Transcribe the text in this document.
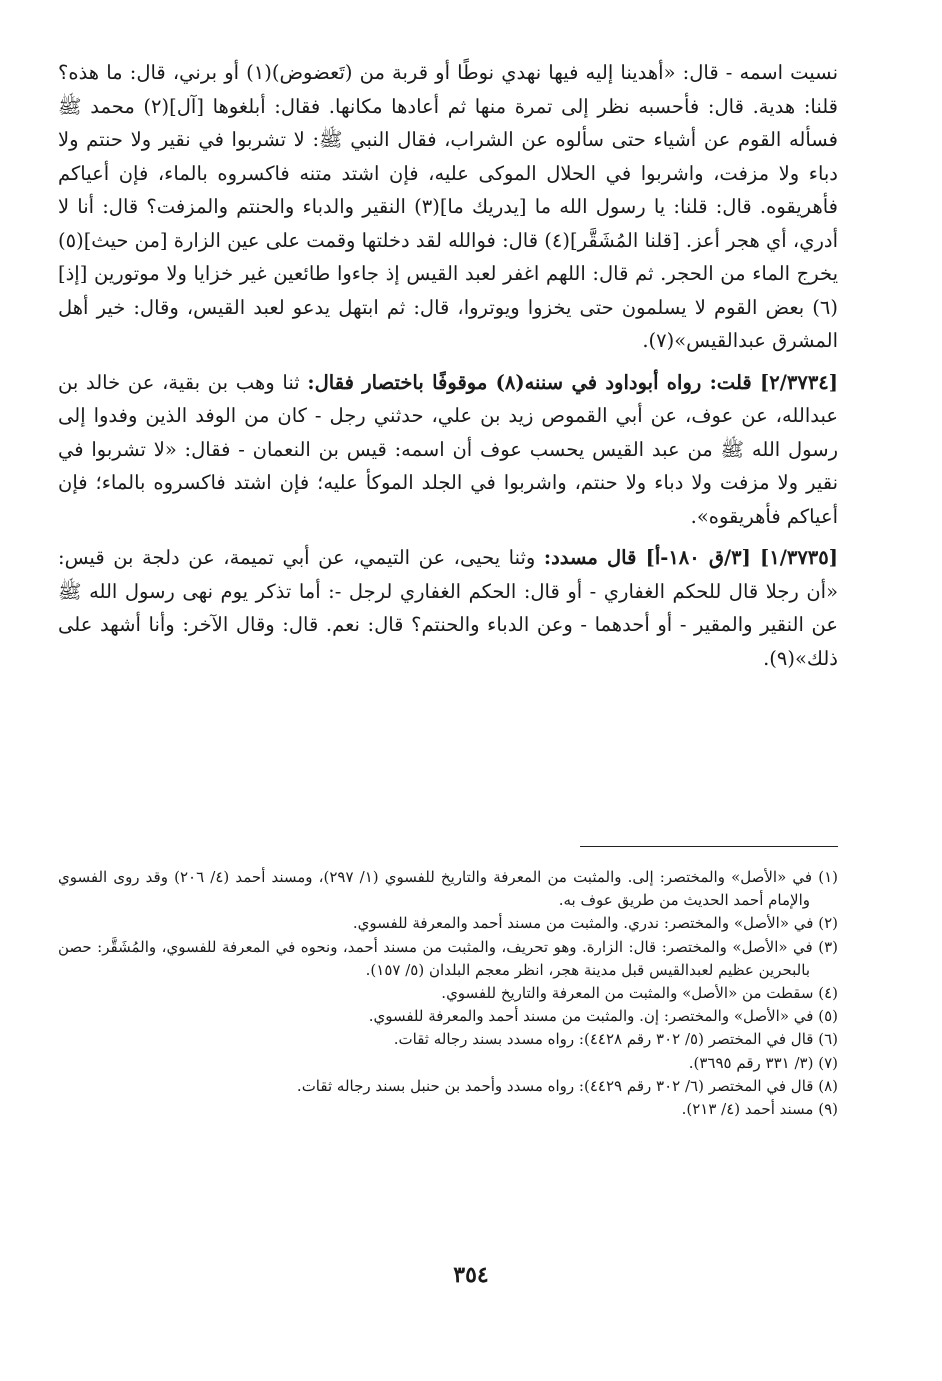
نسيت اسمه - قال: «أهدينا إليه فيها نهدي نوطًا أو قربة من (تَعضوض)(١) أو برني، قال: ما هذه؟ قلنا: هدية. قال: فأحسبه نظر إلى تمرة منها ثم أعادها مكانها. فقال: أبلغوها [آل](٢) محمد ﷺ فسأله القوم عن أشياء حتى سألوه عن الشراب، فقال النبي ﷺ: لا تشربوا في نقير ولا حنتم ولا دباء ولا مزفت، واشربوا في الحلال الموكى عليه، فإن اشتد متنه فاكسروه بالماء، فإن أعياكم فأهريقوه. قال: قلنا: يا رسول الله ما [يدريك ما](٣) النقير والدباء والحنتم والمزفت؟ قال: أنا لا أدري، أي هجر أعز. [قلنا المُشَقَّر](٤) قال: فوالله لقد دخلتها وقمت على عين الزارة [من حيث](٥) يخرج الماء من الحجر. ثم قال: اللهم اغفر لعبد القيس إذ جاءوا طائعين غير خزايا ولا موتورين [إذ](٦) بعض القوم لا يسلمون حتى يخزوا ويوتروا، قال: ثم ابتهل يدعو لعبد القيس، وقال: خير أهل المشرق عبدالقيس»(٧).

[٢/٣٧٣٤] قلت: رواه أبوداود في سننه(٨) موقوفًا باختصار فقال: ثنا وهب بن بقية، عن خالد بن عبدالله، عن عوف، عن أبي القموص زيد بن علي، حدثني رجل - كان من الوفد الذين وفدوا إلى رسول الله ﷺ من عبد القيس يحسب عوف أن اسمه: قيس بن النعمان - فقال: «لا تشربوا في نقير ولا مزفت ولا دباء ولا حنتم، واشربوا في الجلد الموكأ عليه؛ فإن اشتد فاكسروه بالماء؛ فإن أعياكم فأهريقوه».

[١/٣٧٣٥] [٣/ق ١٨٠-أ] قال مسدد: وثنا يحيى، عن التيمي، عن أبي تميمة، عن دلجة بن قيس: «أن رجلا قال للحكم الغفاري - أو قال: الحكم الغفاري لرجل -: أما تذكر يوم نهى رسول الله ﷺ عن النقير والمقير - أو أحدهما - وعن الدباء والحنتم؟ قال: نعم. قال: وقال الآخر: وأنا أشهد على ذلك»(٩).

(١) في «الأصل» والمختصر: إلى. والمثبت من المعرفة والتاريخ للفسوي (١/ ٢٩٧)، ومسند أحمد (٤/ ٢٠٦) وقد روى الفسوي والإمام أحمد الحديث من طريق عوف به.

(٢) في «الأصل» والمختصر: ندري. والمثبت من مسند أحمد والمعرفة للفسوي.

(٣) في «الأصل» والمختصر: قال: الزارة. وهو تحريف، والمثبت من مسند أحمد، ونحوه في المعرفة للفسوي، والمُشَقَّر: حصن بالبحرين عظيم لعبدالقيس قبل مدينة هجر، انظر معجم البلدان (٥/ ١٥٧).

(٤) سقطت من «الأصل» والمثبت من المعرفة والتاريخ للفسوي.

(٥) في «الأصل» والمختصر: إن. والمثبت من مسند أحمد والمعرفة للفسوي.

(٦) قال في المختصر (٥/ ٣٠٢ رقم ٤٤٢٨): رواه مسدد بسند رجاله ثقات.

(٧) (٣/ ٣٣١ رقم ٣٦٩٥).

(٨) قال في المختصر (٦/ ٣٠٢ رقم ٤٤٢٩): رواه مسدد وأحمد بن حنبل بسند رجاله ثقات.

(٩) مسند أحمد (٤/ ٢١٣).

٣٥٤
